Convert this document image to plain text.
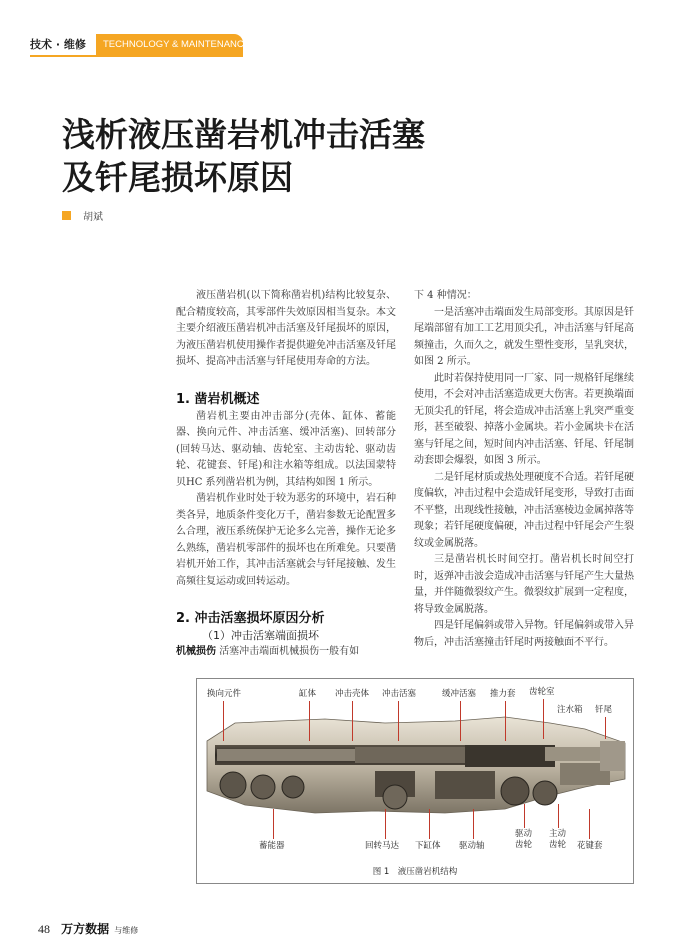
技术 · 维修	TECHNOLOGY & MAINTENANCE
浅析液压凿岩机冲击活塞
及钎尾损坏原因
胡斌

液压凿岩机(以下简称凿岩机)结构比较复杂、配合精度较高，其零部件失效原因相当复杂。本文主要介绍液压凿岩机冲击活塞及钎尾损坏的原因，为液压凿岩机使用操作者提供避免冲击活塞及钎尾损坏、提高冲击活塞与钎尾使用寿命的方法。

1. 凿岩机概述

凿岩机主要由冲击部分(壳体、缸体、蓄能器、换向元件、冲击活塞、缓冲活塞)、回转部分(回转马达、驱动轴、齿轮室、主动齿轮、驱动齿轮、花键套、钎尾)和注水箱等组成。以法国蒙特贝HC 系列凿岩机为例，其结构如图 1 所示。

凿岩机作业时处于较为恶劣的环境中，岩石种类各异，地质条件变化万千，凿岩参数无论配置多么合理，液压系统保护无论多么完善，操作无论多么熟练，凿岩机零部件的损坏也在所难免。只要凿岩机开始工作，其冲击活塞就会与钎尾接触、发生高频往复运动或回转运动。

2. 冲击活塞损坏原因分析
（1）冲击活塞端面损坏

机械损伤 活塞冲击端面机械损伤一般有如

下 4 种情况：

一是活塞冲击端面发生局部变形。其原因是钎尾端部留有加工工艺用顶尖孔，冲击活塞与钎尾高频撞击，久而久之，就发生塑性变形，呈乳突状，如图 2 所示。

此时若保持使用同一厂家、同一规格钎尾继续使用，不会对冲击活塞造成更大伤害。若更换端面无顶尖孔的钎尾，将会造成冲击活塞上乳突严重变形，甚至破裂、掉落小金属块。若小金属块卡在活塞与钎尾之间，短时间内冲击活塞、钎尾、钎尾制动套即会爆裂，如图 3 所示。

二是钎尾材质或热处理硬度不合适。若钎尾硬度偏软，冲击过程中会造成钎尾变形，导致打击面不平整，出现线性接触，冲击活塞棱边金属掉落等现象；若钎尾硬度偏硬，冲击过程中钎尾会产生裂纹或金属脱落。

三是凿岩机长时间空打。凿岩机长时间空打时，返弹冲击波会造成冲击活塞与钎尾产生大量热量，并伴随微裂纹产生。微裂纹扩展到一定程度，将导致金属脱落。

四是钎尾偏斜或带入异物。钎尾偏斜或带入异物后，冲击活塞撞击钎尾时两接触面不平行。

换向元件	缸体 冲击壳体 冲击活塞	缓冲活塞 推力套 齿轮室
注水箱 钎尾
蓄能器	回转马达 下缸体 驱动轴
驱动齿轮
主动齿轮	花键套
图 1　液压凿岩机结构
48 万方数据 与维修
